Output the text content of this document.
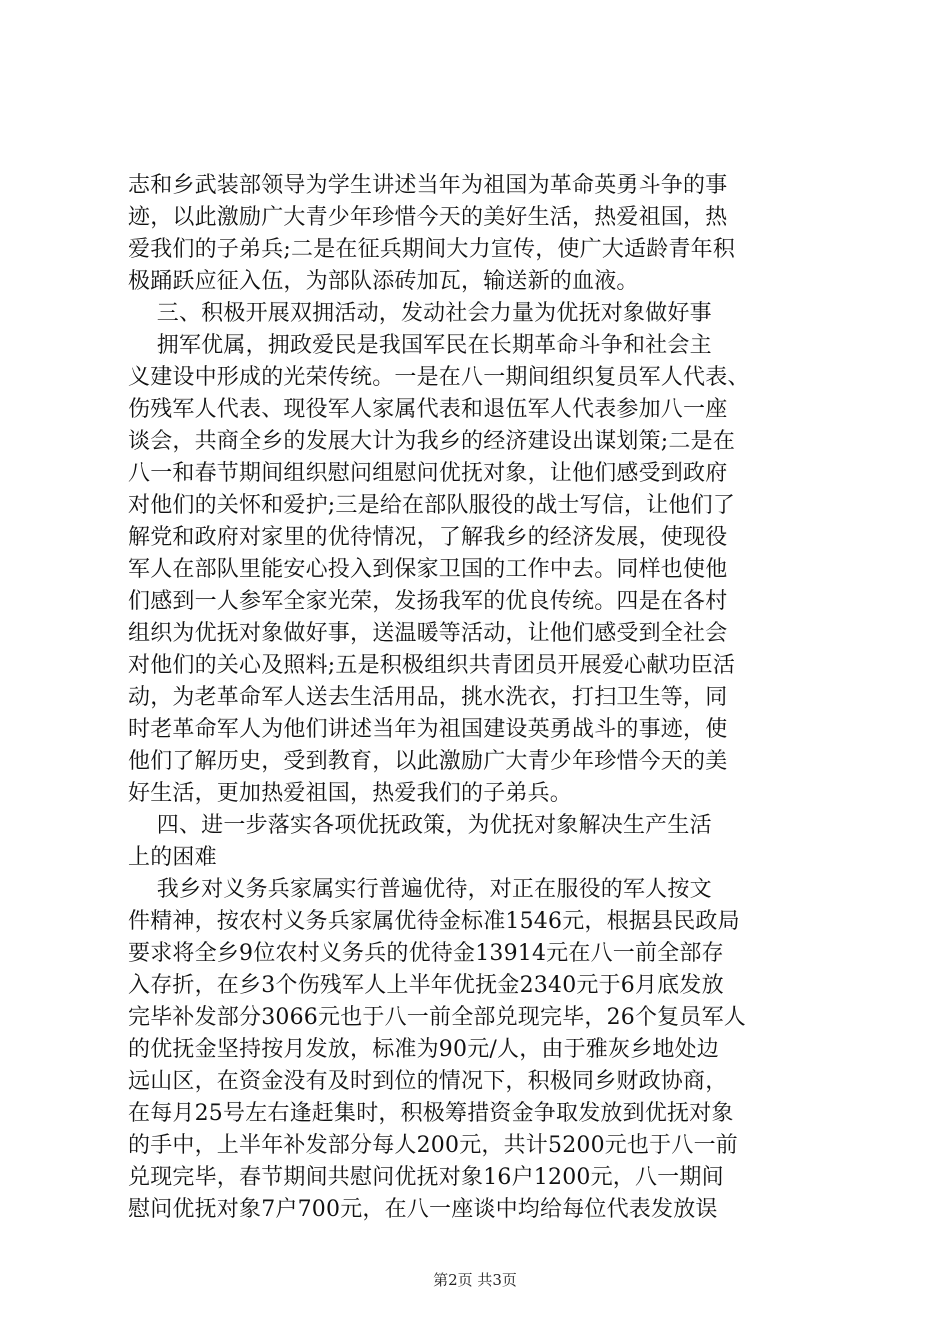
志和乡武装部领导为学生讲述当年为祖国为革命英勇斗争的事
迹，以此激励广大青少年珍惜今天的美好生活，热爱祖国，热
爱我们的子弟兵;二是在征兵期间大力宣传，使广大适龄青年积
极踊跃应征入伍，为部队添砖加瓦，输送新的血液。
三、积极开展双拥活动，发动社会力量为优抚对象做好事
拥军优属，拥政爱民是我国军民在长期革命斗争和社会主
义建设中形成的光荣传统。一是在八一期间组织复员军人代表、
伤残军人代表、现役军人家属代表和退伍军人代表参加八一座
谈会，共商全乡的发展大计为我乡的经济建设出谋划策;二是在
八一和春节期间组织慰问组慰问优抚对象，让他们感受到政府
对他们的关怀和爱护;三是给在部队服役的战士写信，让他们了
解党和政府对家里的优待情况，了解我乡的经济发展，使现役
军人在部队里能安心投入到保家卫国的工作中去。同样也使他
们感到一人参军全家光荣，发扬我军的优良传统。四是在各村
组织为优抚对象做好事，送温暖等活动，让他们感受到全社会
对他们的关心及照料;五是积极组织共青团员开展爱心献功臣活
动，为老革命军人送去生活用品，挑水洗衣，打扫卫生等，同
时老革命军人为他们讲述当年为祖国建设英勇战斗的事迹，使
他们了解历史，受到教育，以此激励广大青少年珍惜今天的美
好生活，更加热爱祖国，热爱我们的子弟兵。
四、进一步落实各项优抚政策，为优抚对象解决生产生活
上的困难
我乡对义务兵家属实行普遍优待，对正在服役的军人按文
件精神，按农村义务兵家属优待金标准1546元，根据县民政局
要求将全乡9位农村义务兵的优待金13914元在八一前全部存
入存折，在乡3个伤残军人上半年优抚金2340元于6月底发放
完毕补发部分3066元也于八一前全部兑现完毕，26个复员军人
的优抚金坚持按月发放，标准为90元/人，由于雅灰乡地处边
远山区，在资金没有及时到位的情况下，积极同乡财政协商，
在每月25号左右逢赶集时，积极筹措资金争取发放到优抚对象
的手中，上半年补发部分每人200元，共计5200元也于八一前
兑现完毕，春节期间共慰问优抚对象16户1200元，八一期间
慰问优抚对象7户700元，在八一座谈中均给每位代表发放误
第2页 共3页
